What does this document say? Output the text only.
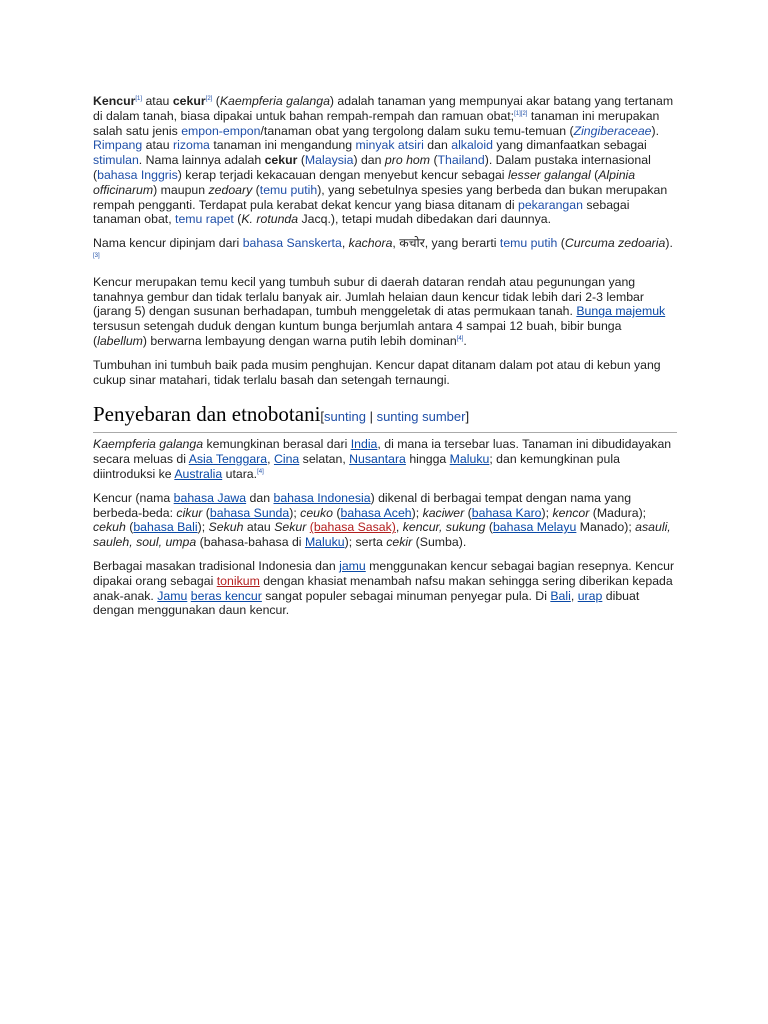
Kencur[1] atau cekur[2] (Kaempferia galanga) adalah tanaman yang mempunyai akar batang yang tertanam di dalam tanah, biasa dipakai untuk bahan rempah-rempah dan ramuan obat;[1][2] tanaman ini merupakan salah satu jenis empon-empon/tanaman obat yang tergolong dalam suku temu-temuan (Zingiberaceae). Rimpang atau rizoma tanaman ini mengandung minyak atsiri dan alkaloid yang dimanfaatkan sebagai stimulan. Nama lainnya adalah cekur (Malaysia) dan pro hom (Thailand). Dalam pustaka internasional (bahasa Inggris) kerap terjadi kekacauan dengan menyebut kencur sebagai lesser galangal (Alpinia officinarum) maupun zedoary (temu putih), yang sebetulnya spesies yang berbeda dan bukan merupakan rempah pengganti. Terdapat pula kerabat dekat kencur yang biasa ditanam di pekarangan sebagai tanaman obat, temu rapet (K. rotunda Jacq.), tetapi mudah dibedakan dari daunnya.

Nama kencur dipinjam dari bahasa Sanskerta, kachora, कचोर, yang berarti temu putih (Curcuma zedoaria).[3]

Kencur merupakan temu kecil yang tumbuh subur di daerah dataran rendah atau pegunungan yang tanahnya gembur dan tidak terlalu banyak air. Jumlah helaian daun kencur tidak lebih dari 2-3 lembar (jarang 5) dengan susunan berhadapan, tumbuh menggeletak di atas permukaan tanah. Bunga majemuk tersusun setengah duduk dengan kuntum bunga berjumlah antara 4 sampai 12 buah, bibir bunga (labellum) berwarna lembayung dengan warna putih lebih dominan[4].

Tumbuhan ini tumbuh baik pada musim penghujan. Kencur dapat ditanam dalam pot atau di kebun yang cukup sinar matahari, tidak terlalu basah dan setengah ternaungi.

Penyebaran dan etnobotani[sunting | sunting sumber]

Kaempferia galanga kemungkinan berasal dari India, di mana ia tersebar luas. Tanaman ini dibudidayakan secara meluas di Asia Tenggara, Cina selatan, Nusantara hingga Maluku; dan kemungkinan pula diintroduksi ke Australia utara.[4]

Kencur (nama bahasa Jawa dan bahasa Indonesia) dikenal di berbagai tempat dengan nama yang berbeda-beda: cikur (bahasa Sunda); ceuko (bahasa Aceh); kaciwer (bahasa Karo); kencor (Madura); cekuh (bahasa Bali); Sekuh atau Sekur (bahasa Sasak), kencur, sukung (bahasa Melayu Manado); asauli, sauleh, soul, umpa (bahasa-bahasa di Maluku); serta cekir (Sumba).

Berbagai masakan tradisional Indonesia dan jamu menggunakan kencur sebagai bagian resepnya. Kencur dipakai orang sebagai tonikum dengan khasiat menambah nafsu makan sehingga sering diberikan kepada anak-anak. Jamu beras kencur sangat populer sebagai minuman penyegar pula. Di Bali, urap dibuat dengan menggunakan daun kencur.
